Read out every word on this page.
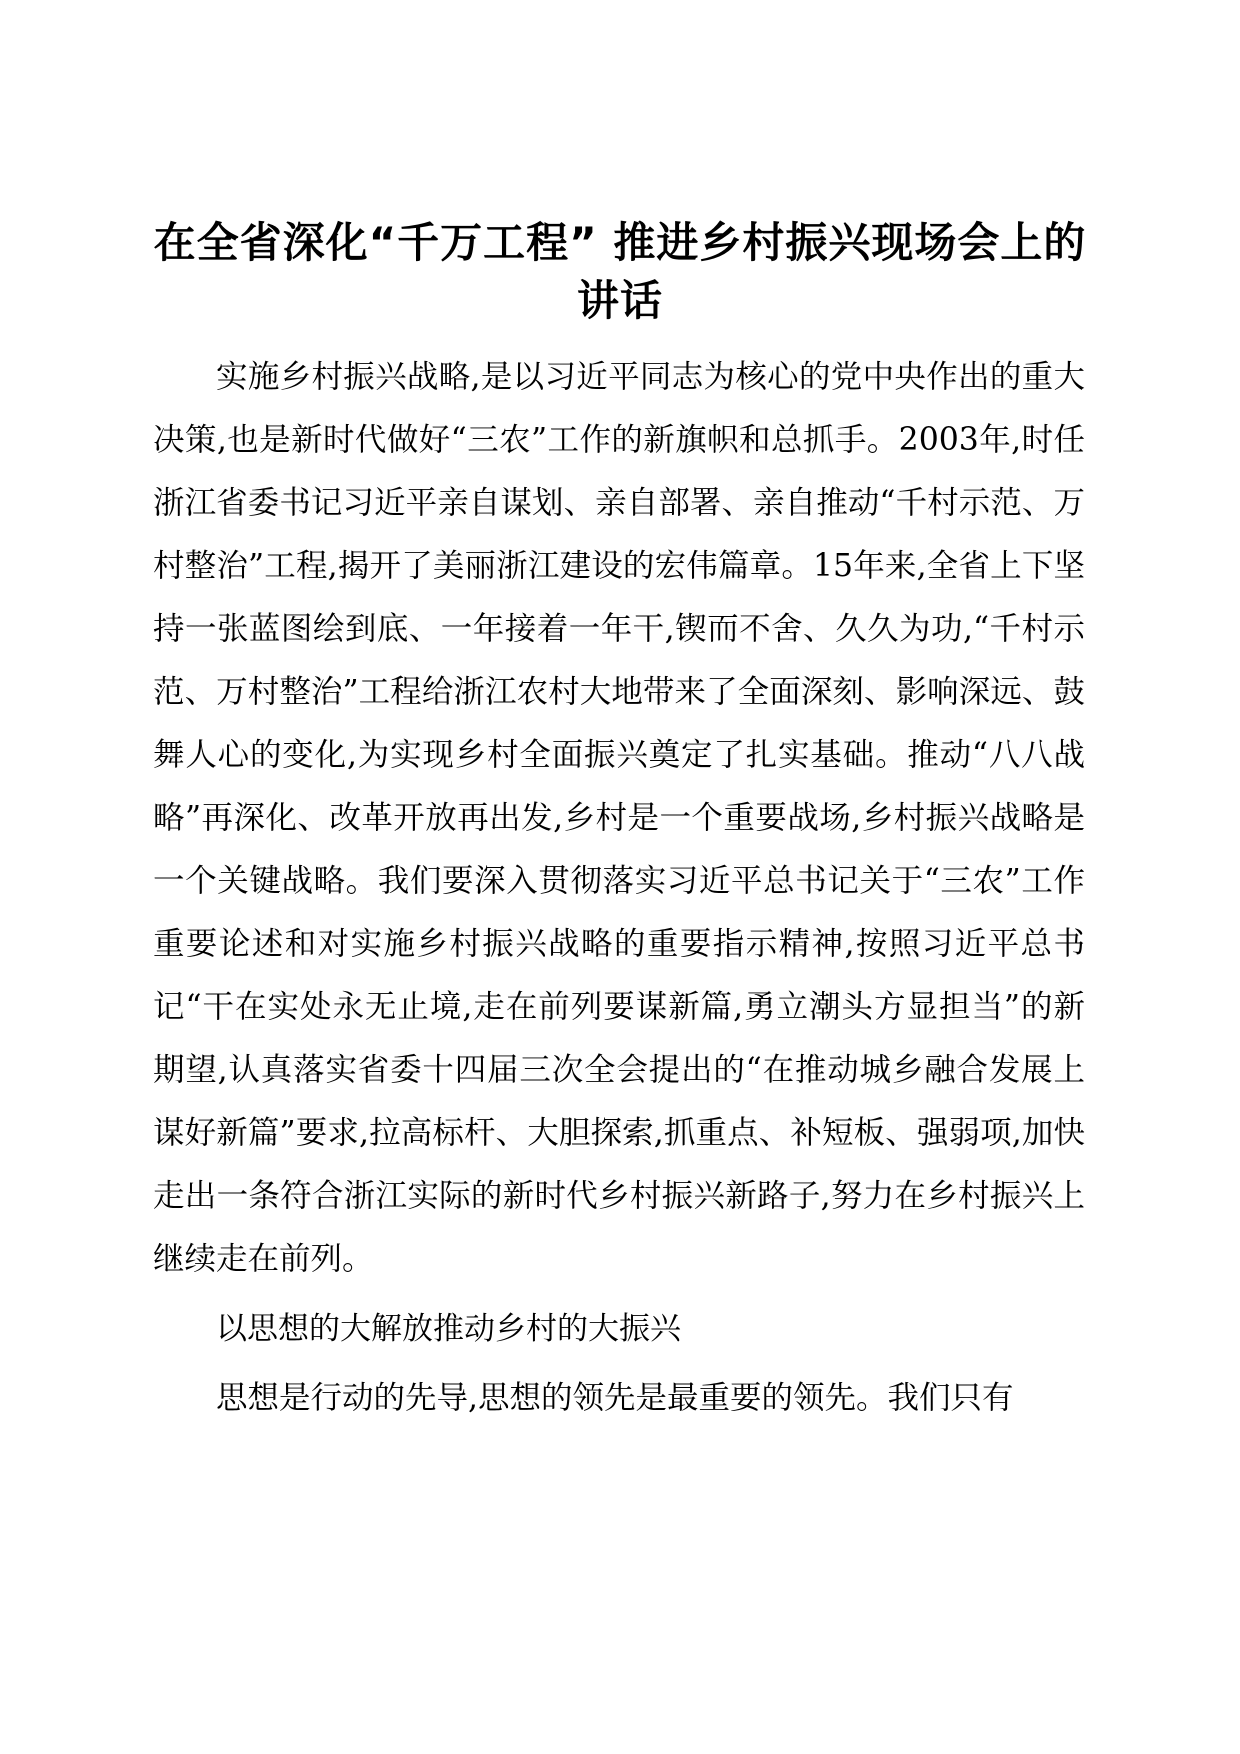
在全省深化“千万工程” 推进乡村振兴现场会上的讲话

实施乡村振兴战略,是以习近平同志为核心的党中央作出的重大决策,也是新时代做好“三农”工作的新旗帜和总抓手。2003年,时任浙江省委书记习近平亲自谋划、亲自部署、亲自推动“千村示范、万村整治”工程,揭开了美丽浙江建设的宏伟篇章。15年来,全省上下坚持一张蓝图绘到底、一年接着一年干,锲而不舍、久久为功,“千村示范、万村整治”工程给浙江农村大地带来了全面深刻、影响深远、鼓舞人心的变化,为实现乡村全面振兴奠定了扎实基础。推动“八八战略”再深化、改革开放再出发,乡村是一个重要战场,乡村振兴战略是一个关键战略。我们要深入贯彻落实习近平总书记关于“三农”工作重要论述和对实施乡村振兴战略的重要指示精神,按照习近平总书记“干在实处永无止境,走在前列要谋新篇,勇立潮头方显担当”的新期望,认真落实省委十四届三次全会提出的“在推动城乡融合发展上谋好新篇”要求,拉高标杆、大胆探索,抓重点、补短板、强弱项,加快走出一条符合浙江实际的新时代乡村振兴新路子,努力在乡村振兴上继续走在前列。

以思想的大解放推动乡村的大振兴

思想是行动的先导,思想的领先是最重要的领先。我们只有
